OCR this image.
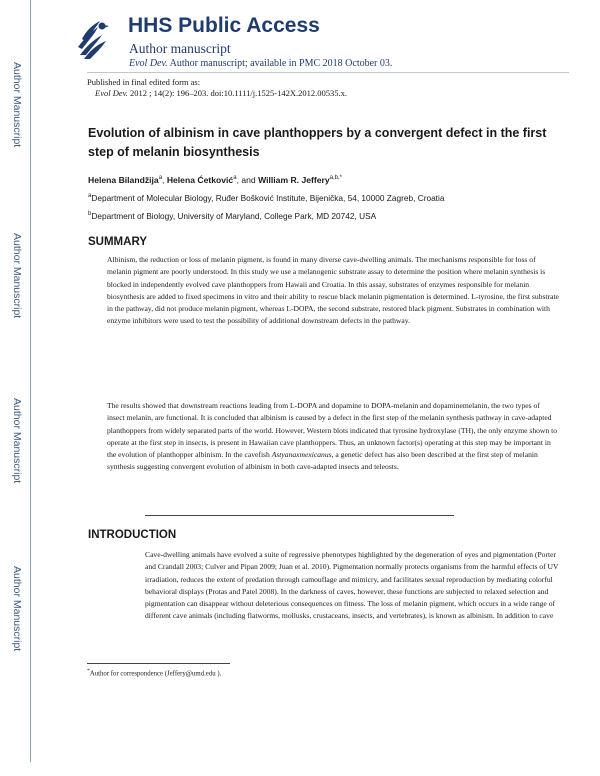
Author Manuscript
Author Manuscript
Author Manuscript
Author Manuscript
HHS Public Access
Author manuscript
Evol Dev. Author manuscript; available in PMC 2018 October 03.
Published in final edited form as:
Evol Dev. 2012 ; 14(2): 196–203. doi:10.1111/j.1525-142X.2012.00535.x.
Evolution of albinism in cave planthoppers by a convergent defect in the first step of melanin biosynthesis
Helena Bilandžija$^a$, Helena Ćetković$^a$, and William R. Jeffery$^{a,b,*}$
$^a$Department of Molecular Biology, Ruđer Bošković Institute, Bijenička, 54, 10000 Zagreb, Croatia
$^b$Department of Biology, University of Maryland, College Park, MD 20742, USA
SUMMARY

Albinism, the reduction or loss of melanin pigment, is found in many diverse cave-dwelling animals. The mechanisms responsible for loss of melanin pigment are poorly understood. In this study we use a melanogenic substrate assay to determine the position where melanin synthesis is blocked in independently evolved cave planthoppers from Hawaii and Croatia. In this assay, substrates of enzymes responsible for melanin biosynthesis are added to fixed specimens in vitro and their ability to rescue black melanin pigmentation is determined. L-tyrosine, the first substrate in the pathway, did not produce melanin pigment, whereas L-DOPA, the second substrate, restored black pigment. Substrates in combination with enzyme inhibitors were used to test the possibility of additional downstream defects in the pathway.

The results showed that downstream reactions leading from L-DOPA and dopamine to DOPA-melanin and dopaminemelanin, the two types of insect melanin, are functional. It is concluded that albinism is caused by a defect in the first step of the melanin synthesis pathway in cave-adapted planthoppers from widely separated parts of the world. However, Western blots indicated that tyrosine hydroxylase (TH), the only enzyme shown to operate at the first step in insects, is present in Hawaiian cave planthoppers. Thus, an unknown factor(s) operating at this step may be important in the evolution of planthopper albinism. In the cavefish Astyanaxmexicanus, a genetic defect has also been described at the first step of melanin synthesis suggesting convergent evolution of albinism in both cave-adapted insects and teleosts.

INTRODUCTION

Cave-dwelling animals have evolved a suite of regressive phenotypes highlighted by the degeneration of eyes and pigmentation (Porter and Crandall 2003; Culver and Pipan 2009; Juan et al. 2010). Pigmentation normally protects organisms from the harmful effects of UV irradiation, reduces the extent of predation through camouflage and mimicry, and facilitates sexual reproduction by mediating colorful behavioral displays (Protas and Patel 2008). In the darkness of caves, however, these functions are subjected to relaxed selection and pigmentation can disappear without deleterious consequences on fitness. The loss of melanin pigment, which occurs in a wide range of different cave animals (including flatworms, mollusks, crustaceans, insects, and vertebrates), is known as albinism. In addition to cave

*Author for correspondence (Jeffery@umd.edu ).
